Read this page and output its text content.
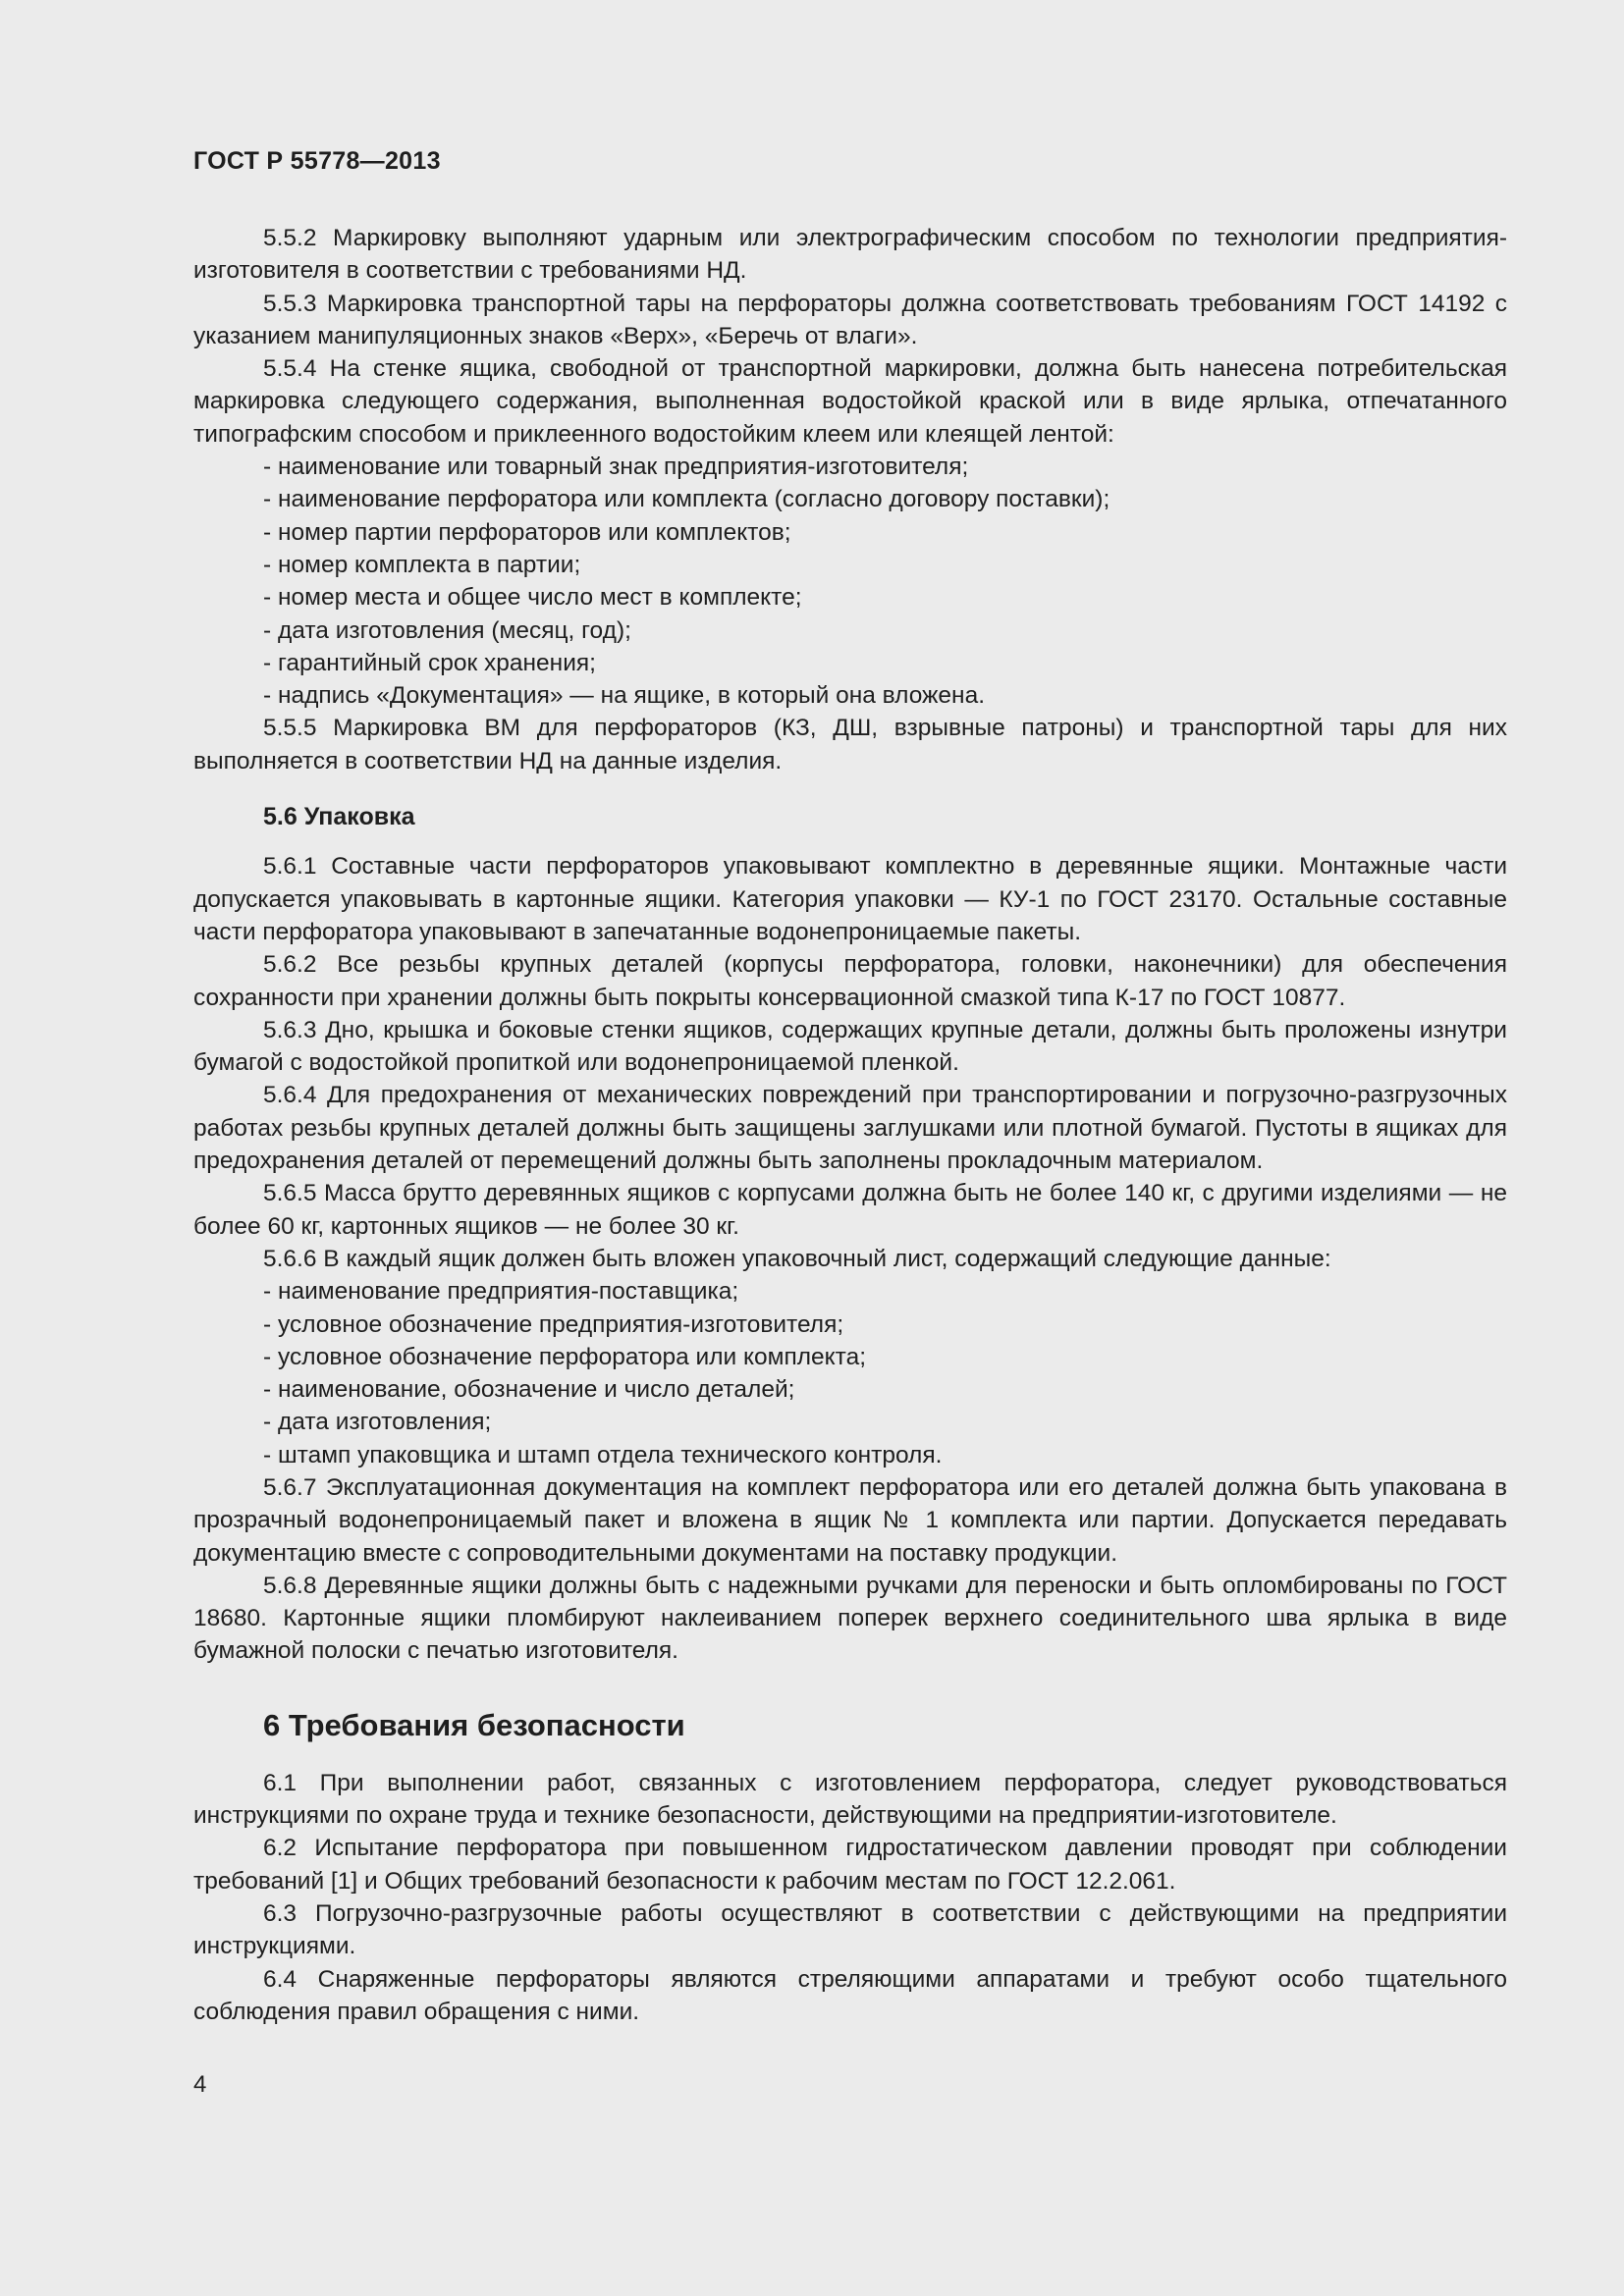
ГОСТ Р 55778—2013

5.5.2 Маркировку выполняют ударным или электрографическим способом по технологии предприятия-изготовителя в соответствии с требованиями НД.

5.5.3 Маркировка транспортной тары на перфораторы должна соответствовать требованиям ГОСТ 14192 с указанием манипуляционных знаков «Верх», «Беречь от влаги».

5.5.4 На стенке ящика, свободной от транспортной маркировки, должна быть нанесена потребительская маркировка следующего содержания, выполненная водостойкой краской или в виде ярлыка, отпечатанного типографским способом и приклеенного водостойким клеем или клеящей лентой:

- наименование или товарный знак предприятия-изготовителя;

- наименование перфоратора или комплекта (согласно договору поставки);

- номер партии перфораторов или комплектов;

- номер комплекта в партии;

- номер места и общее число мест в комплекте;

- дата изготовления (месяц, год);

- гарантийный срок хранения;

- надпись «Документация» — на ящике, в который она вложена.

5.5.5 Маркировка ВМ для перфораторов (КЗ, ДШ, взрывные патроны) и транспортной тары для них выполняется в соответствии НД на данные изделия.

5.6 Упаковка

5.6.1 Составные части перфораторов упаковывают комплектно в деревянные ящики. Монтажные части допускается упаковывать в картонные ящики. Категория упаковки — КУ-1 по ГОСТ 23170. Остальные составные части перфоратора упаковывают в запечатанные водонепроницаемые пакеты.

5.6.2 Все резьбы крупных деталей (корпусы перфоратора, головки, наконечники) для обеспечения сохранности при хранении должны быть покрыты консервационной смазкой типа К-17 по ГОСТ 10877.

5.6.3 Дно, крышка и боковые стенки ящиков, содержащих крупные детали, должны быть проложены изнутри бумагой с водостойкой пропиткой или водонепроницаемой пленкой.

5.6.4 Для предохранения от механических повреждений при транспортировании и погрузочно-разгрузочных работах резьбы крупных деталей должны быть защищены заглушками или плотной бумагой. Пустоты в ящиках для предохранения деталей от перемещений должны быть заполнены прокладочным материалом.

5.6.5 Масса брутто деревянных ящиков с корпусами должна быть не более 140 кг, с другими изделиями — не более 60 кг, картонных ящиков — не более 30 кг.

5.6.6 В каждый ящик должен быть вложен упаковочный лист, содержащий следующие данные:

- наименование предприятия-поставщика;

- условное обозначение предприятия-изготовителя;

- условное обозначение перфоратора или комплекта;

- наименование, обозначение и число деталей;

- дата изготовления;

- штамп упаковщика и штамп отдела технического контроля.

5.6.7 Эксплуатационная документация на комплект перфоратора или его деталей должна быть упакована в прозрачный водонепроницаемый пакет и вложена в ящик № 1 комплекта или партии. Допускается передавать документацию вместе с сопроводительными документами на поставку продукции.

5.6.8 Деревянные ящики должны быть с надежными ручками для переноски и быть опломбированы по ГОСТ 18680. Картонные ящики пломбируют наклеиванием поперек верхнего соединительного шва ярлыка в виде бумажной полоски с печатью изготовителя.

6 Требования безопасности

6.1 При выполнении работ, связанных с изготовлением перфоратора, следует руководствоваться инструкциями по охране труда и технике безопасности, действующими на предприятии-изготовителе.

6.2 Испытание перфоратора при повышенном гидростатическом давлении проводят при соблюдении требований [1] и Общих требований безопасности к рабочим местам по ГОСТ 12.2.061.

6.3 Погрузочно-разгрузочные работы осуществляют в соответствии с действующими на предприятии инструкциями.

6.4 Снаряженные перфораторы являются стреляющими аппаратами и требуют особо тщательного соблюдения правил обращения с ними.

4
